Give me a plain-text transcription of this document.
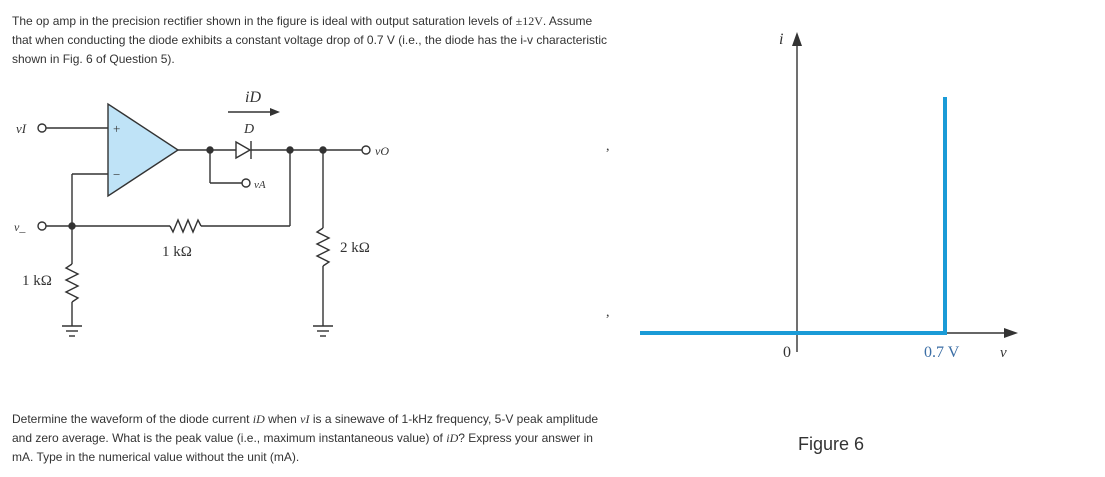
The op amp in the precision rectifier shown in the figure is ideal with output saturation levels of ±12V. Assume that when conducting the diode exhibits a constant voltage drop of 0.7 V (i.e., the diode has the i-v characteristic shown in Fig. 6 of Question 5).
vI
v_
+
−
iD
D
vA
vO
1 kΩ
1 kΩ
2 kΩ
i
v
0	0.7 V
,
,
Figure 6
Determine the waveform of the diode current iD when vI is a sinewave of 1-kHz frequency, 5-V peak amplitude and zero average. What is the peak value (i.e., maximum instantaneous value) of iD? Express your answer in mA. Type in the numerical value without the unit (mA).
